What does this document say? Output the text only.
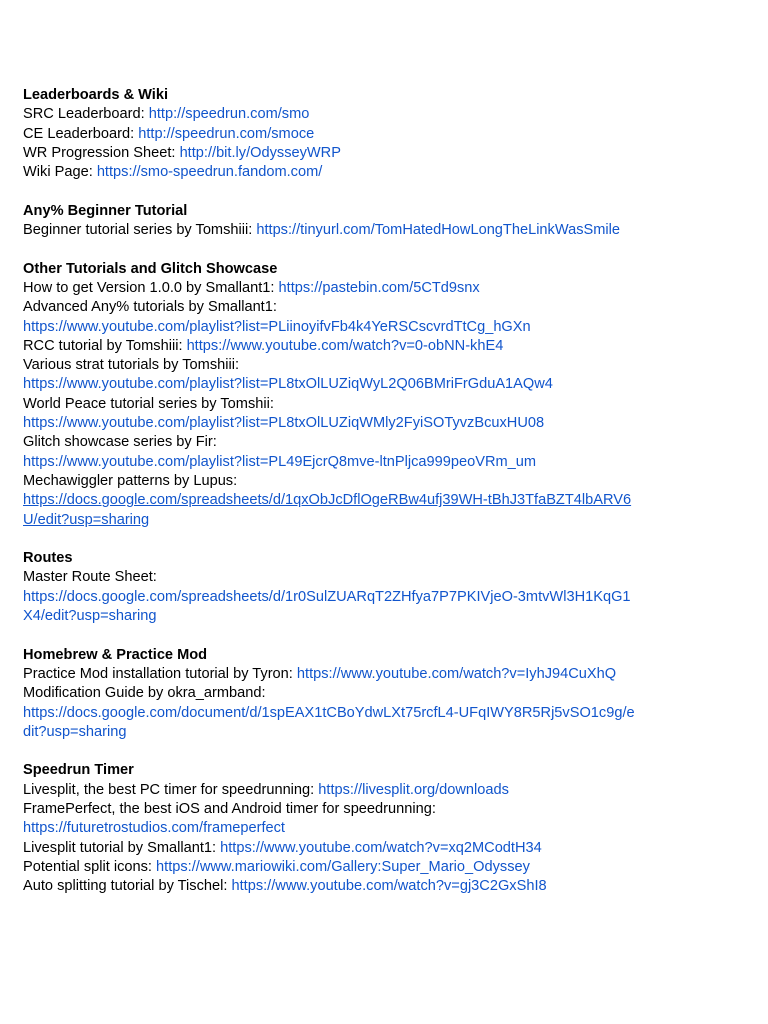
Leaderboards & Wiki
SRC Leaderboard: http://speedrun.com/smo
CE Leaderboard: http://speedrun.com/smoce
WR Progression Sheet: http://bit.ly/OdysseyWRP
Wiki Page: https://smo-speedrun.fandom.com/
Any% Beginner Tutorial
Beginner tutorial series by Tomshiii: https://tinyurl.com/TomHatedHowLongTheLinkWasSmile
Other Tutorials and Glitch Showcase
How to get Version 1.0.0 by Smallant1: https://pastebin.com/5CTd9snx
Advanced Any% tutorials by Smallant1:
https://www.youtube.com/playlist?list=PLiinoyifvFb4k4YeRSCscvrdTtCg_hGXn
RCC tutorial by Tomshiii: https://www.youtube.com/watch?v=0-obNN-khE4
Various strat tutorials by Tomshiii:
https://www.youtube.com/playlist?list=PL8txOlLUZiqWyL2Q06BMriFrGduA1AQw4
World Peace tutorial series by Tomshii:
https://www.youtube.com/playlist?list=PL8txOlLUZiqWMly2FyiSOTyvzBcuxHU08
Glitch showcase series by Fir:
https://www.youtube.com/playlist?list=PL49EjcrQ8mve-ltnPljca999peoVRm_um
Mechawiggler patterns by Lupus:
https://docs.google.com/spreadsheets/d/1qxObJcDflOgeRBw4ufj39WH-tBhJ3TfaBZT4lbARV6
U/edit?usp=sharing
Routes
Master Route Sheet:
https://docs.google.com/spreadsheets/d/1r0SulZUARqT2ZHfya7P7PKIVjeO-3mtvWl3H1KqG1
X4/edit?usp=sharing
Homebrew & Practice Mod
Practice Mod installation tutorial by Tyron: https://www.youtube.com/watch?v=IyhJ94CuXhQ
Modification Guide by okra_armband:
https://docs.google.com/document/d/1spEAX1tCBoYdwLXt75rcfL4-UFqIWY8R5Rj5vSO1c9g/e
dit?usp=sharing
Speedrun Timer
Livesplit, the best PC timer for speedrunning: https://livesplit.org/downloads
FramePerfect, the best iOS and Android timer for speedrunning:
https://futuretrostudios.com/frameperfect
Livesplit tutorial by Smallant1: https://www.youtube.com/watch?v=xq2MCodtH34
Potential split icons: https://www.mariowiki.com/Gallery:Super_Mario_Odyssey
Auto splitting tutorial by Tischel: https://www.youtube.com/watch?v=gj3C2GxShI8
